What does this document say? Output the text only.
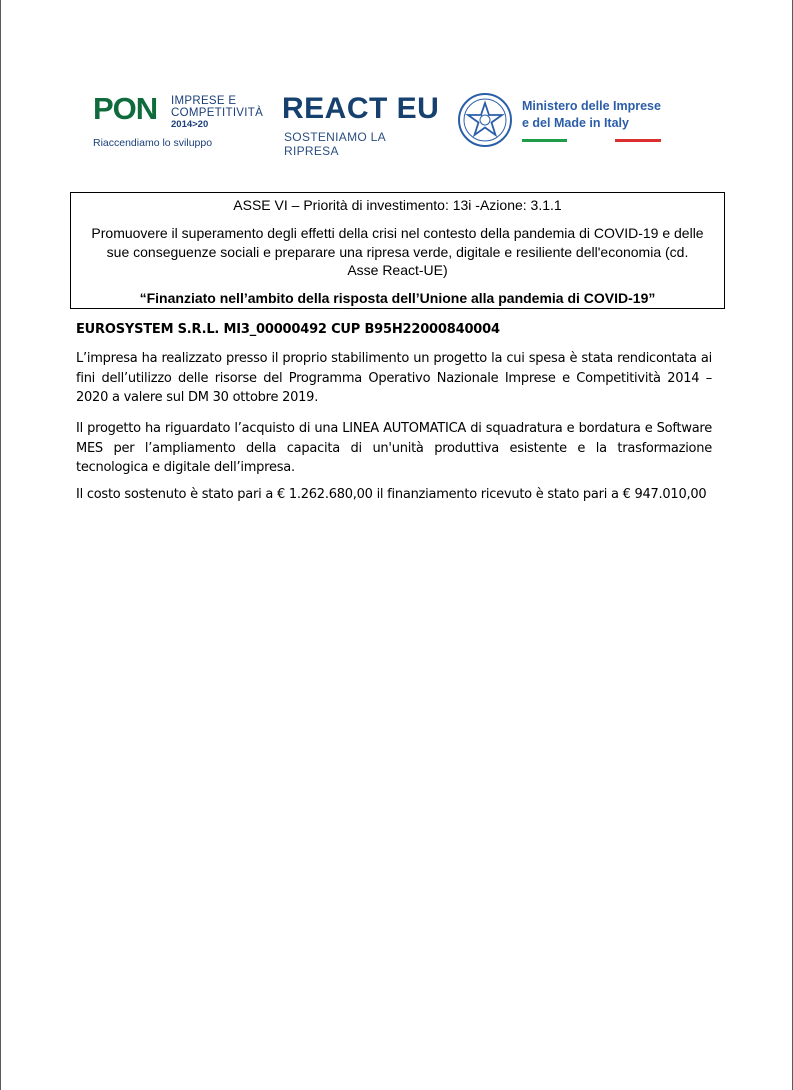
PON IMPRESE E
COMPETITIVITÀ
2014>20
Riaccendiamo lo sviluppo
REACT EU
SOSTENIAMO LA RIPRESA
Ministero delle Imprese
e del Made in Italy
ASSE VI – Priorità di investimento: 13i -Azione: 3.1.1
Promuovere il superamento degli effetti della crisi nel contesto della pandemia di COVID-19 e delle
sue conseguenze sociali e preparare una ripresa verde, digitale e resiliente dell'economia (cd.
Asse React-UE)
“Finanziato nell’ambito della risposta dell’Unione alla pandemia di COVID-19”
EUROSYSTEM S.R.L. MI3_00000492 CUP B95H22000840004
L’impresa ha realizzato presso il proprio stabilimento un progetto la cui spesa è stata rendicontata ai fini dell’utilizzo delle risorse del Programma Operativo Nazionale Imprese e Competitività 2014 – 2020 a valere sul DM 30 ottobre 2019.
Il progetto ha riguardato l’acquisto di una LINEA AUTOMATICA di squadratura e bordatura e Software MES per l’ampliamento della capacita di un'unità produttiva esistente e la trasformazione tecnologica e digitale dell’impresa.
Il costo sostenuto è stato pari a € 1.262.680,00 il finanziamento ricevuto è stato pari a € 947.010,00
